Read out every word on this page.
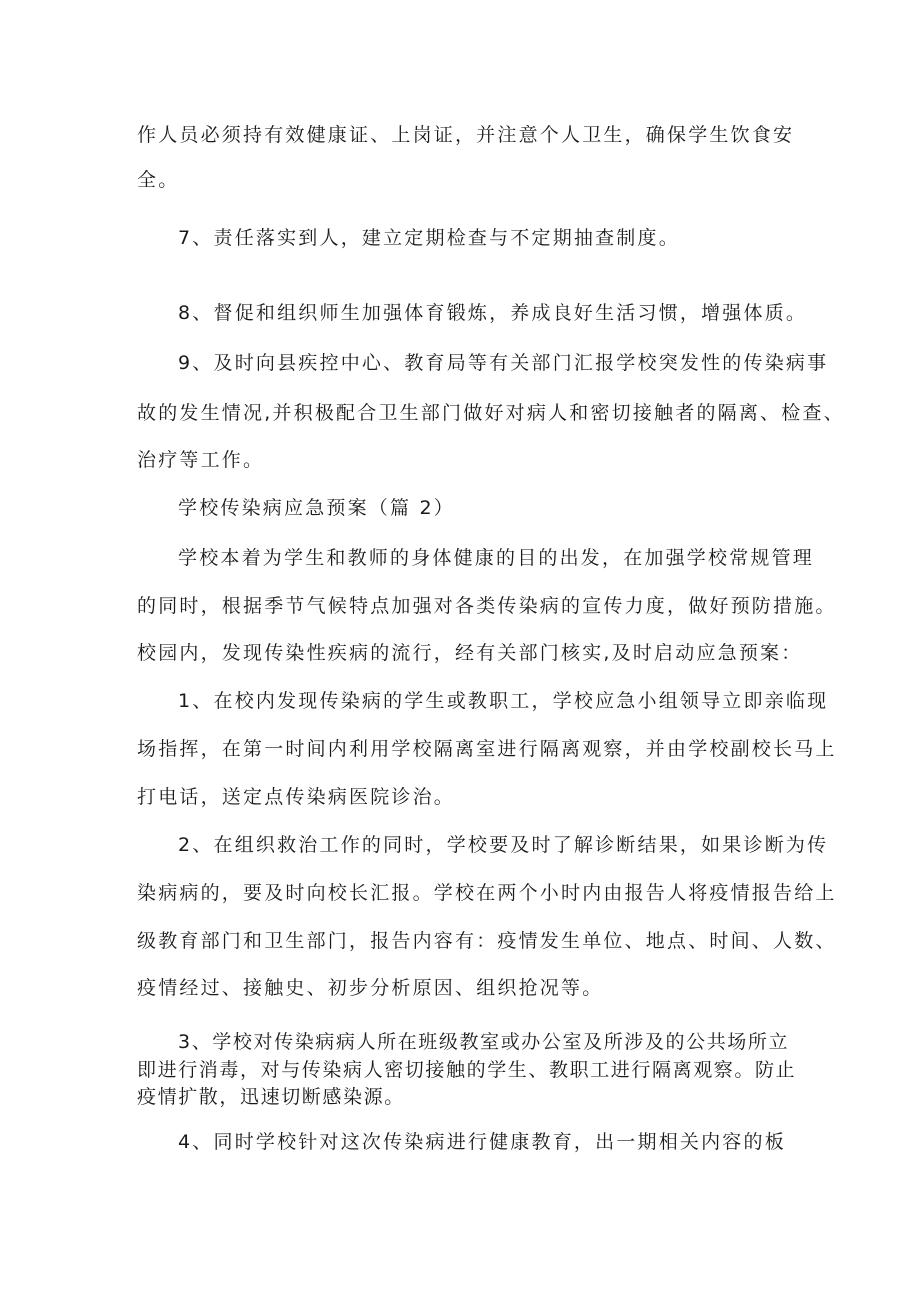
作人员必须持有效健康证、上岗证，并注意个人卫生，确保学生饮食安
全。
7、责任落实到人，建立定期检查与不定期抽查制度。
8、督促和组织师生加强体育锻炼，养成良好生活习惯，增强体质。
9、及时向县疾控中心、教育局等有关部门汇报学校突发性的传染病事
故的发生情况,并积极配合卫生部门做好对病人和密切接触者的隔离、检查、
治疗等工作。
学校传染病应急预案（篇 2）
学校本着为学生和教师的身体健康的目的出发，在加强学校常规管理
的同时，根据季节气候特点加强对各类传染病的宣传力度，做好预防措施。
校园内，发现传染性疾病的流行，经有关部门核实,及时启动应急预案：
1、在校内发现传染病的学生或教职工，学校应急小组领导立即亲临现
场指挥，在第一时间内利用学校隔离室进行隔离观察，并由学校副校长马上
打电话，送定点传染病医院诊治。
2、在组织救治工作的同时，学校要及时了解诊断结果，如果诊断为传
染病病的，要及时向校长汇报。学校在两个小时内由报告人将疫情报告给上
级教育部门和卫生部门，报告内容有：疫情发生单位、地点、时间、人数、
疫情经过、接触史、初步分析原因、组织抢况等。
3、学校对传染病病人所在班级教室或办公室及所涉及的公共场所立
即进行消毒，对与传染病人密切接触的学生、教职工进行隔离观察。防止
疫情扩散，迅速切断感染源。
4、同时学校针对这次传染病进行健康教育，出一期相关内容的板
